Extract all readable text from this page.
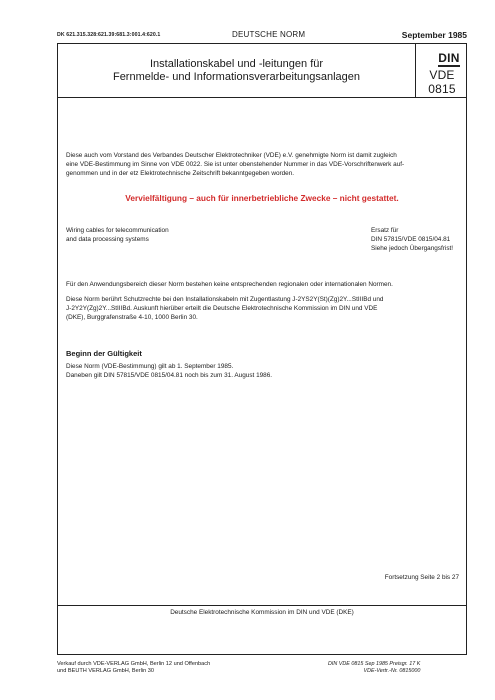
DK 621.315.328:621.39:681.3:001.4:620.1	DEUTSCHE NORM	September 1985
Installationskabel und -leitungen für
Fernmelde- und Informationsverarbeitungsanlagen
DIN
VDE 0815
Diese auch vom Vorstand des Verbandes Deutscher Elektrotechniker (VDE) e.V. genehmigte Norm ist damit zugleich
eine VDE-Bestimmung im Sinne von VDE 0022. Sie ist unter obenstehender Nummer in das VDE-Vorschriftenwerk auf-
genommen und in der etz Elektrotechnische Zeitschrift bekanntgegeben worden.
Vervielfältigung – auch für innerbetriebliche Zwecke – nicht gestattet.
Wiring cables for telecommunication
and data processing systems
Ersatz für
DIN 57815/VDE 0815/04.81
Siehe jedoch Übergangsfrist!
Für den Anwendungsbereich dieser Norm bestehen keine entsprechenden regionalen oder internationalen Normen.
Diese Norm berührt Schutzrechte bei den Installationskabeln mit Zugentlastung J-2YS2Y(St)(Zg)2Y...StIIIBd und
J-2Y2Y(Zg)2Y...StIIIBd. Auskunft hierüber erteilt die Deutsche Elektrotechnische Kommission im DIN und VDE
(DKE), Burggrafenstraße 4-10, 1000 Berlin 30.
Beginn der Gültigkeit
Diese Norm (VDE-Bestimmung) gilt ab 1. September 1985.
Daneben gilt DIN 57815/VDE 0815/04.81 noch bis zum 31. August 1986.
Fortsetzung Seite 2 bis 27
Deutsche Elektrotechnische Kommission im DIN und VDE (DKE)
Verkauf durch VDE-VERLAG GmbH, Berlin 12 und Offenbach
und BEUTH VERLAG GmbH, Berlin 30
DIN VDE 0815 Sep 1985 Preisgr. 17 K
VDE-Vertr.-Nr. 0815000
